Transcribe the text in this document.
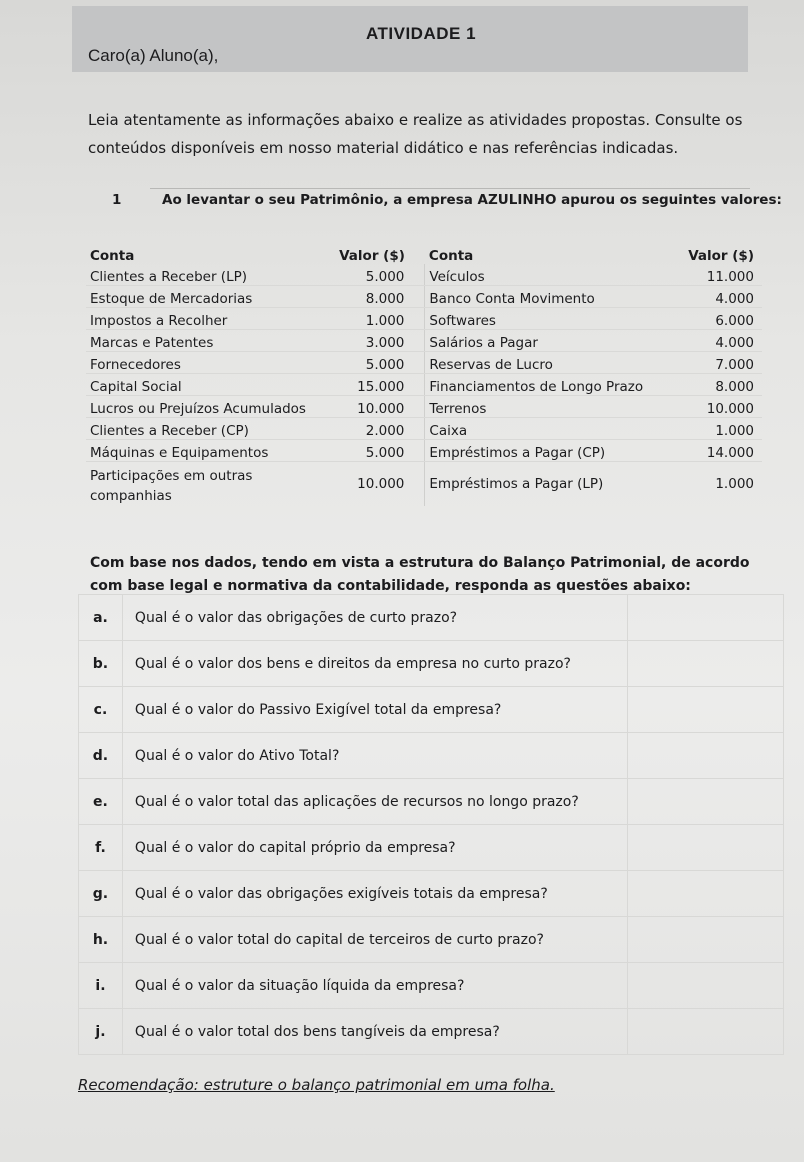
ATIVIDADE 1
Caro(a) Aluno(a),
Leia atentamente as informações abaixo e realize as atividades propostas. Consulte os conteúdos disponíveis em nosso material didático e nas referências indicadas.
1	Ao levantar o seu Patrimônio, a empresa AZULINHO apurou os seguintes valores:
Conta	Valor ($)	Conta	Valor ($)
Clientes a Receber (LP)	5.000	Veículos	11.000
Estoque de Mercadorias	8.000	Banco Conta Movimento	4.000
Impostos a Recolher	1.000	Softwares	6.000
Marcas e Patentes	3.000	Salários a Pagar	4.000
Fornecedores	5.000	Reservas de Lucro	7.000
Capital Social	15.000	Financiamentos de Longo Prazo	8.000
Lucros ou Prejuízos Acumulados	10.000	Terrenos	10.000
Clientes a Receber (CP)	2.000	Caixa	1.000
Máquinas e Equipamentos	5.000	Empréstimos a Pagar (CP)	14.000
Participações em outras companhias	10.000	Empréstimos a Pagar (LP)	1.000
Com base nos dados, tendo em vista a estrutura do Balanço Patrimonial, de acordo com base legal e normativa da contabilidade, responda as questões abaixo:
a.	Qual é o valor das obrigações de curto prazo?	
b.	Qual é o valor dos bens e direitos da empresa no curto prazo?	
c.	Qual é o valor do Passivo Exigível total da empresa?	
d.	Qual é o valor do Ativo Total?	
e.	Qual é o valor total das aplicações de recursos no longo prazo?	
f.	Qual é o valor do capital próprio da empresa?	
g.	Qual é o valor das obrigações exigíveis totais da empresa?	
h.	Qual é o valor total do capital de terceiros de curto prazo?	
i.	Qual é o valor da situação líquida da empresa?	
j.	Qual é o valor total dos bens tangíveis da empresa?	
Recomendação: estruture o balanço patrimonial em uma folha.
